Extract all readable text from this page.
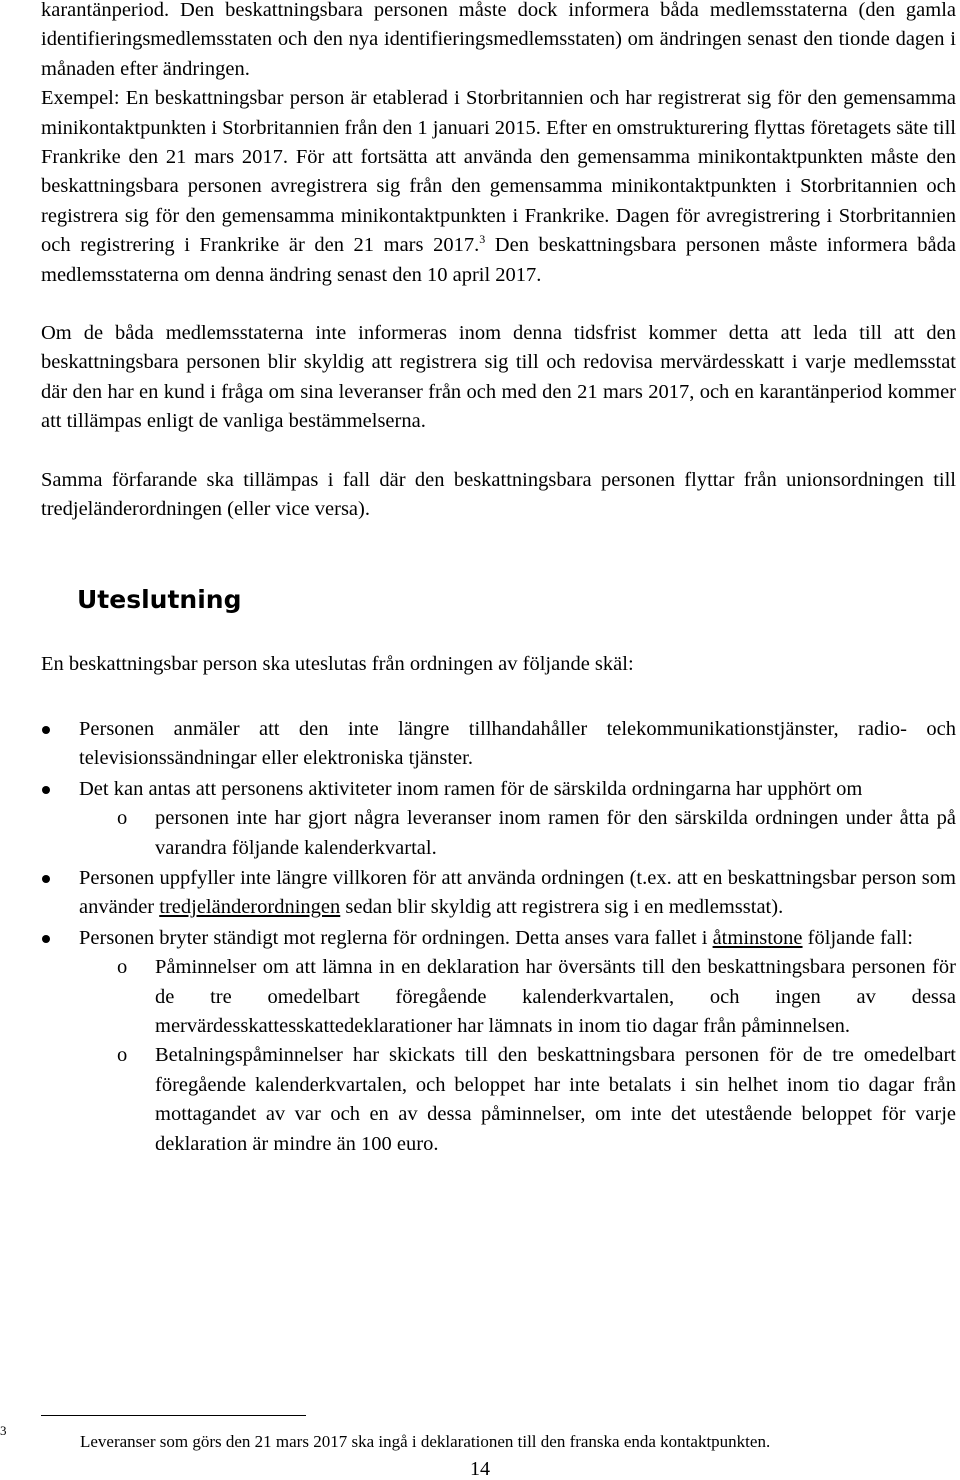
karantänperiod. Den beskattningsbara personen måste dock informera båda medlemsstaterna (den gamla identifieringsmedlemsstaten och den nya identifieringsmedlemsstaten) om ändringen senast den tionde dagen i månaden efter ändringen.

Exempel: En beskattningsbar person är etablerad i Storbritannien och har registrerat sig för den gemensamma minikontaktpunkten i Storbritannien från den 1 januari 2015. Efter en omstrukturering flyttas företagets säte till Frankrike den 21 mars 2017. För att fortsätta att använda den gemensamma minikontaktpunkten måste den beskattningsbara personen avregistrera sig från den gemensamma minikontaktpunkten i Storbritannien och registrera sig för den gemensamma minikontaktpunkten i Frankrike. Dagen för avregistrering i Storbritannien och registrering i Frankrike är den 21 mars 2017.$^3$ Den beskattningsbara personen måste informera båda medlemsstaterna om denna ändring senast den 10 april 2017.

Om de båda medlemsstaterna inte informeras inom denna tidsfrist kommer detta att leda till att den beskattningsbara personen blir skyldig att registrera sig till och redovisa mervärdesskatt i varje medlemsstat där den har en kund i fråga om sina leveranser från och med den 21 mars 2017, och en karantänperiod kommer att tillämpas enligt de vanliga bestämmelserna.

Samma förfarande ska tillämpas i fall där den beskattningsbara personen flyttar från unionsordningen till tredjeländerordningen (eller vice versa).

Uteslutning

En beskattningsbar person ska uteslutas från ordningen av följande skäl:

Personen anmäler att den inte längre tillhandahåller telekommunikationstjänster, radio- och televisionssändningar eller elektroniska tjänster.
Det kan antas att personens aktiviteter inom ramen för de särskilda ordningarna har upphört om
o personen inte har gjort några leveranser inom ramen för den särskilda ordningen under åtta på varandra följande kalenderkvartal.
Personen uppfyller inte längre villkoren för att använda ordningen (t.ex. att en beskattningsbar person som använder tredjeländerordningen sedan blir skyldig att registrera sig i en medlemsstat).
Personen bryter ständigt mot reglerna för ordningen. Detta anses vara fallet i åtminstone följande fall:
o Påminnelser om att lämna in en deklaration har översänts till den beskattningsbara personen för de tre omedelbart föregående kalenderkvartalen, och ingen av dessa mervärdesskattesskattedeklarationer har lämnats in inom tio dagar från påminnelsen.
o Betalningspåminnelser har skickats till den beskattningsbara personen för de tre omedelbart föregående kalenderkvartalen, och beloppet har inte betalats i sin helhet inom tio dagar från mottagandet av var och en av dessa påminnelser, om inte det utestående beloppet för varje deklaration är mindre än 100 euro.
3
Leveranser som görs den 21 mars 2017 ska ingå i deklarationen till den franska enda kontaktpunkten.
14
